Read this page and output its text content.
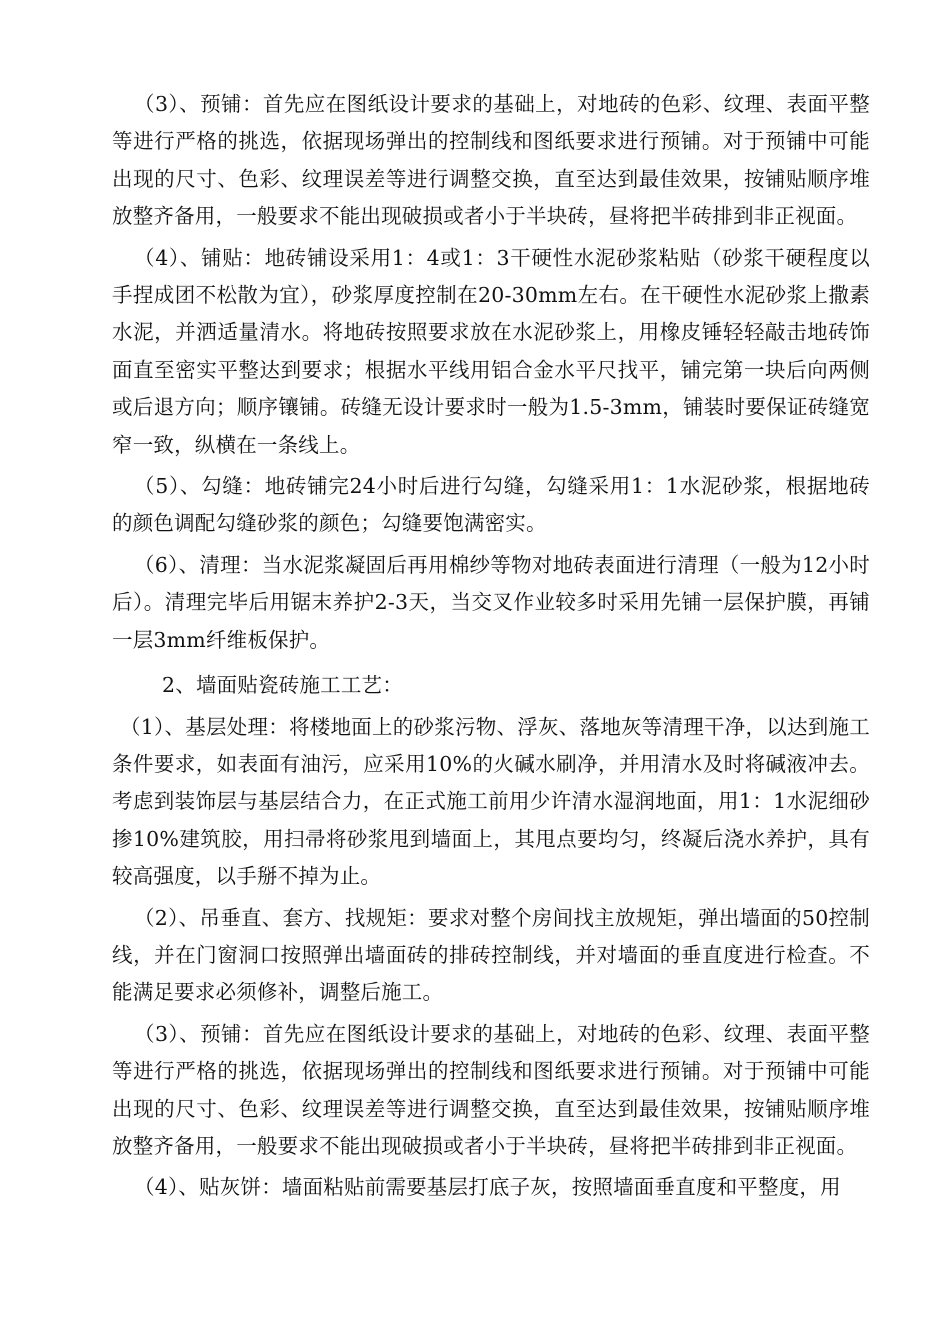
（3）、预铺：首先应在图纸设计要求的基础上，对地砖的色彩、纹理、表面平整等进行严格的挑选，依据现场弹出的控制线和图纸要求进行预铺。对于预铺中可能出现的尺寸、色彩、纹理误差等进行调整交换，直至达到最佳效果，按铺贴顺序堆放整齐备用，一般要求不能出现破损或者小于半块砖，昼将把半砖排到非正视面。

（4）、铺贴：地砖铺设采用1：4或1：3干硬性水泥砂浆粘贴（砂浆干硬程度以手捏成团不松散为宜），砂浆厚度控制在20-30mm左右。在干硬性水泥砂浆上撒素水泥，并洒适量清水。将地砖按照要求放在水泥砂浆上，用橡皮锤轻轻敲击地砖饰面直至密实平整达到要求；根据水平线用铝合金水平尺找平，铺完第一块后向两侧或后退方向；顺序镶铺。砖缝无设计要求时一般为1.5-3mm，铺装时要保证砖缝宽窄一致，纵横在一条线上。

（5）、勾缝：地砖铺完24小时后进行勾缝，勾缝采用1：1水泥砂浆，根据地砖的颜色调配勾缝砂浆的颜色；勾缝要饱满密实。

（6）、清理：当水泥浆凝固后再用棉纱等物对地砖表面进行清理（一般为12小时后）。清理完毕后用锯末养护2-3天，当交叉作业较多时采用先铺一层保护膜，再铺一层3mm纤维板保护。

2、墙面贴瓷砖施工工艺：

（1）、基层处理：将楼地面上的砂浆污物、浮灰、落地灰等清理干净，以达到施工条件要求，如表面有油污，应采用10%的火碱水刷净，并用清水及时将碱液冲去。考虑到装饰层与基层结合力，在正式施工前用少许清水湿润地面，用1：1水泥细砂掺10%建筑胶，用扫帚将砂浆甩到墙面上，其甩点要均匀，终凝后浇水养护，具有较高强度，以手掰不掉为止。

（2）、吊垂直、套方、找规矩：要求对整个房间找主放规矩，弹出墙面的50控制线，并在门窗洞口按照弹出墙面砖的排砖控制线，并对墙面的垂直度进行检查。不能满足要求必须修补，调整后施工。

（3）、预铺：首先应在图纸设计要求的基础上，对地砖的色彩、纹理、表面平整等进行严格的挑选，依据现场弹出的控制线和图纸要求进行预铺。对于预铺中可能出现的尺寸、色彩、纹理误差等进行调整交换，直至达到最佳效果，按铺贴顺序堆放整齐备用，一般要求不能出现破损或者小于半块砖，昼将把半砖排到非正视面。

（4）、贴灰饼：墙面粘贴前需要基层打底子灰，按照墙面垂直度和平整度，用
